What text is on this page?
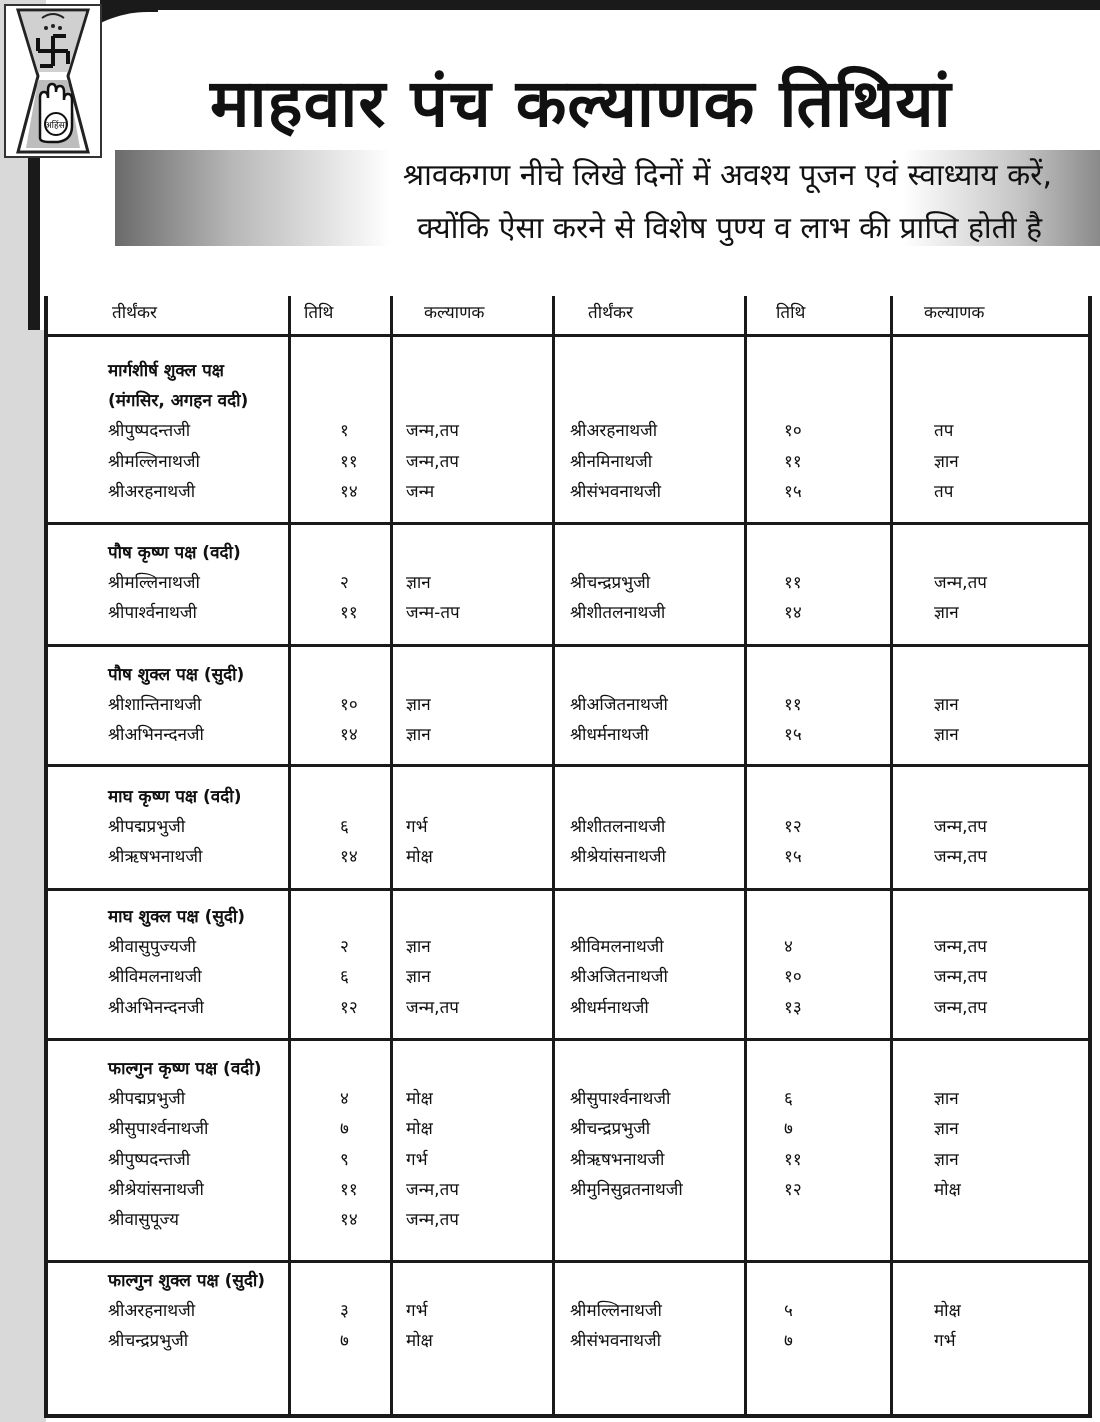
अहिंसा माहवार पंच कल्याणक तिथियां
श्रावकगण नीचे लिखे दिनों में अवश्य पूजन एवं स्वाध्याय करें,
क्योंकि ऐसा करने से विशेष पुण्य व लाभ की प्राप्ति होती है
तीर्थंकर	तिथि	कल्याणक	तीर्थंकर	तिथि	कल्याणक
मार्गशीर्ष शुक्ल पक्ष
(मंगसिर, अगहन वदी)
श्रीपुष्पदन्तजी	१	जन्म,तप	श्रीअरहनाथजी	१०	तप
श्रीमल्लिनाथजी	११	जन्म,तप	श्रीनमिनाथजी	११	ज्ञान
श्रीअरहनाथजी	१४	जन्म	श्रीसंभवनाथजी	१५	तप
पौष कृष्ण पक्ष (वदी)
श्रीमल्लिनाथजी	२	ज्ञान	श्रीचन्द्रप्रभुजी	११	जन्म,तप
श्रीपार्श्वनाथजी	११	जन्म-तप	श्रीशीतलनाथजी	१४	ज्ञान
पौष शुक्ल पक्ष (सुदी)
श्रीशान्तिनाथजी	१०	ज्ञान	श्रीअजितनाथजी	११	ज्ञान
श्रीअभिनन्दनजी	१४	ज्ञान	श्रीधर्मनाथजी	१५	ज्ञान
माघ कृष्ण पक्ष (वदी)
श्रीपद्मप्रभुजी	६	गर्भ	श्रीशीतलनाथजी	१२	जन्म,तप
श्रीऋषभनाथजी	१४	मोक्ष	श्रीश्रेयांसनाथजी	१५	जन्म,तप
माघ शुक्ल पक्ष (सुदी)
श्रीवासुपुज्यजी	२	ज्ञान	श्रीविमलनाथजी	४	जन्म,तप
श्रीविमलनाथजी	६	ज्ञान	श्रीअजितनाथजी	१०	जन्म,तप
श्रीअभिनन्दनजी	१२	जन्म,तप	श्रीधर्मनाथजी	१३	जन्म,तप
फाल्गुन कृष्ण पक्ष (वदी)
श्रीपद्मप्रभुजी	४	मोक्ष	श्रीसुपार्श्वनाथजी	६	ज्ञान
श्रीसुपार्श्वनाथजी	७	मोक्ष	श्रीचन्द्रप्रभुजी	७	ज्ञान
श्रीपुष्पदन्तजी	९	गर्भ	श्रीऋषभनाथजी	११	ज्ञान
श्रीश्रेयांसनाथजी	११	जन्म,तप	श्रीमुनिसुव्रतनाथजी	१२	मोक्ष
श्रीवासुपूज्य	१४	जन्म,तप
फाल्गुन शुक्ल पक्ष (सुदी)
श्रीअरहनाथजी	३	गर्भ	श्रीमल्लिनाथजी	५	मोक्ष
श्रीचन्द्रप्रभुजी	७	मोक्ष	श्रीसंभवनाथजी	७	गर्भ
